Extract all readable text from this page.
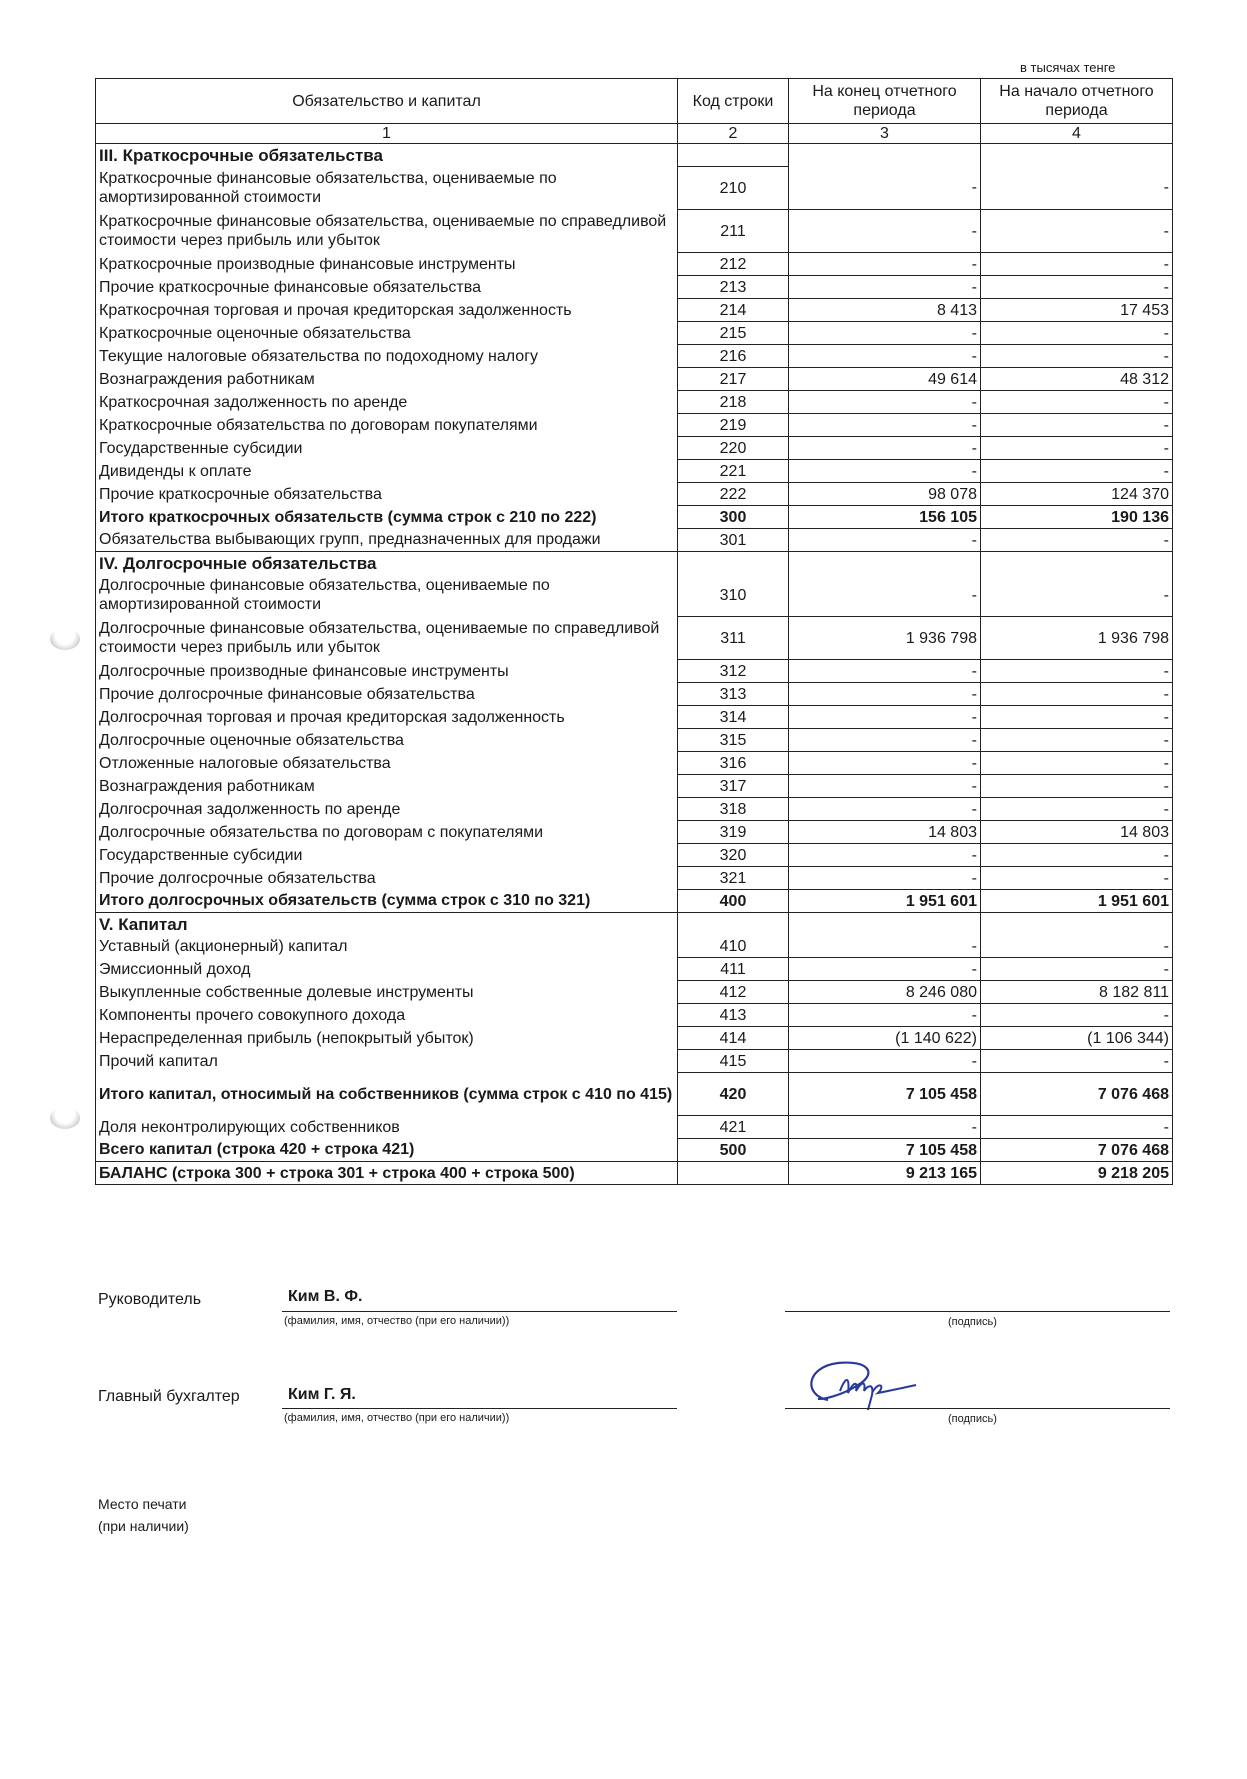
в тысячах тенге
Обязательство и капитал	Код строки	На конец отчетного периода	На начало отчетного периода
1	2	3	4
III. Краткосрочные обязательства			
Краткосрочные финансовые обязательства, оцениваемые по амортизированной стоимости	210	-	-
Краткосрочные финансовые обязательства, оцениваемые по справедливой стоимости через прибыль или убыток	211	-	-
Краткосрочные производные финансовые инструменты	212	-	-
Прочие краткосрочные финансовые обязательства	213	-	-
Краткосрочная торговая и прочая кредиторская задолженность	214	8 413	17 453
Краткосрочные оценочные обязательства	215	-	-
Текущие налоговые обязательства по подоходному налогу	216	-	-
Вознаграждения работникам	217	49 614	48 312
Краткосрочная задолженность по аренде	218	-	-
Краткосрочные обязательства по договорам покупателями	219	-	-
Государственные субсидии	220	-	-
Дивиденды к оплате	221	-	-
Прочие краткосрочные обязательства	222	98 078	124 370
Итого краткосрочных обязательств (сумма строк с 210 по 222)	300	156 105	190 136
Обязательства выбывающих групп, предназначенных для продажи	301	-	-
IV. Долгосрочные обязательства			
Долгосрочные финансовые обязательства, оцениваемые по амортизированной стоимости	310	-	-
Долгосрочные финансовые обязательства, оцениваемые по справедливой стоимости через прибыль или убыток	311	1 936 798	1 936 798
Долгосрочные производные финансовые инструменты	312	-	-
Прочие долгосрочные финансовые обязательства	313	-	-
Долгосрочная торговая и прочая кредиторская задолженность	314	-	-
Долгосрочные оценочные обязательства	315	-	-
Отложенные налоговые обязательства	316	-	-
Вознаграждения работникам	317	-	-
Долгосрочная задолженность по аренде	318	-	-
Долгосрочные обязательства по договорам с покупателями	319	14 803	14 803
Государственные субсидии	320	-	-
Прочие долгосрочные обязательства	321	-	-
Итого долгосрочных обязательств (сумма строк с 310 по 321)	400	1 951 601	1 951 601
V. Капитал			
Уставный (акционерный) капитал	410	-	-
Эмиссионный доход	411	-	-
Выкупленные собственные долевые инструменты	412	8 246 080	8 182 811
Компоненты прочего совокупного дохода	413	-	-
Нераспределенная прибыль (непокрытый убыток)	414	(1 140 622)	(1 106 344)
Прочий капитал	415	-	-
Итого капитал, относимый на собственников (сумма строк с 410 по 415)	420	7 105 458	7 076 468
Доля неконтролирующих собственников	421	-	-
Всего капитал (строка 420 + строка 421)	500	7 105 458	7 076 468
БАЛАНС (строка 300 + строка 301 + строка 400 + строка 500)		9 213 165	9 218 205
Руководитель	Ким В. Ф.
(фамилия, имя, отчество (при его наличии))	(подпись)
Главный бухгалтер	Ким Г. Я.
(фамилия, имя, отчество (при его наличии))	(подпись)
Место печати
(при наличии)
